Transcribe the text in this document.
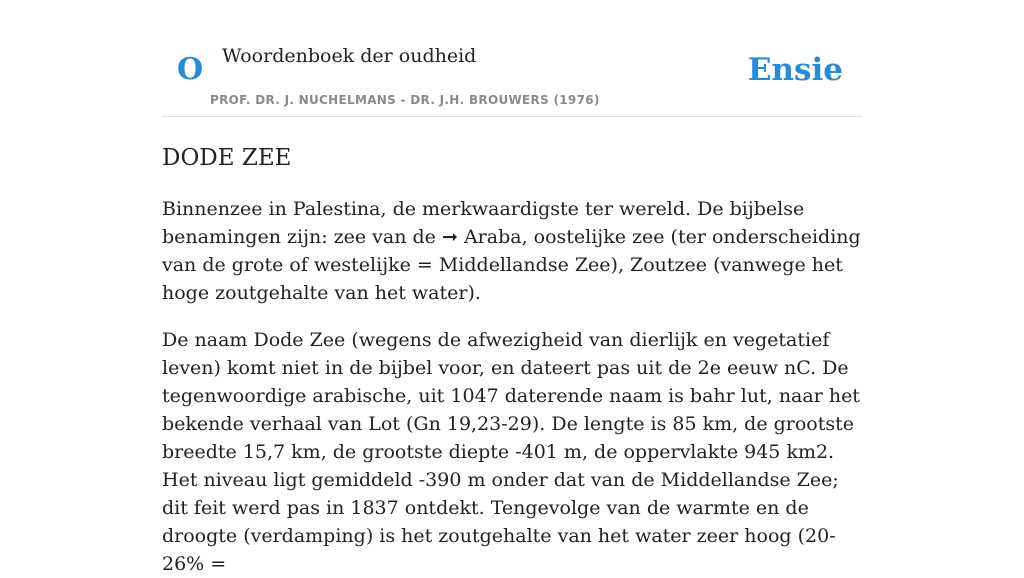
O Woordenboek der oudheid
PROF. DR. J. NUCHELMANS - DR. J.H. BROUWERS (1976)
Ensie
DODE ZEE

Binnenzee in Palestina, de merkwaardigste ter wereld. De bijbelse benamingen zijn: zee van de ➞ Araba, oostelijke zee (ter onderscheiding van de grote of westelijke = Middellandse Zee), Zoutzee (vanwege het hoge zoutgehalte van het water).

De naam Dode Zee (wegens de afwezigheid van dierlijk en vegetatief leven) komt niet in de bijbel voor, en dateert pas uit de 2e eeuw nC. De tegenwoordige arabische, uit 1047 daterende naam is bahr lut, naar het bekende verhaal van Lot (Gn 19,23-29). De lengte is 85 km, de grootste breedte 15,7 km, de grootste diepte -401 m, de oppervlakte 945 km2. Het niveau ligt gemiddeld -390 m onder dat van de Middellandse Zee; dit feit werd pas in 1837 ontdekt. Tengevolge van de warmte en de droogte (verdamping) is het zoutgehalte van het water zeer hoog (20-26% =
